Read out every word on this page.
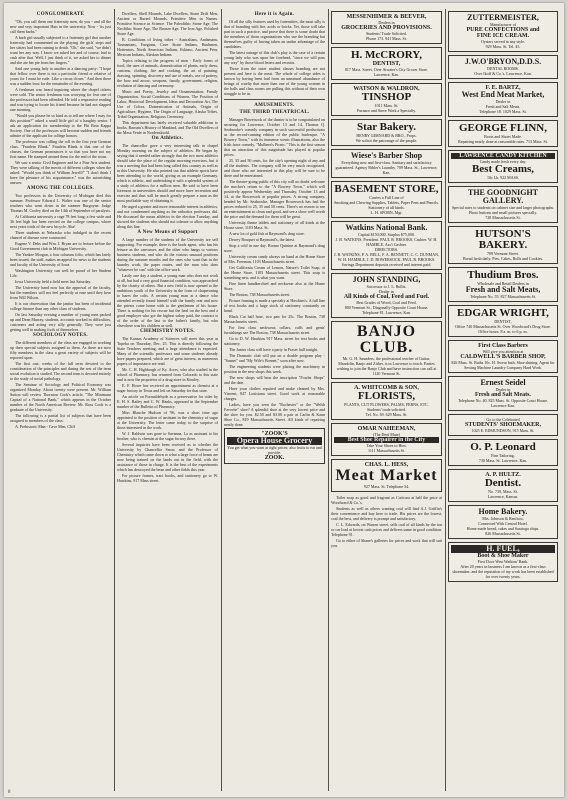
CONGLOMERATE

"Oh, you call them one fraternity men, do you - and all the new and very important Hats in the university. Now - 'tis just call them barbs."

A barb girl usually subjected to a fraternity girl that another fraternity had commented on the playing the girls' steps and her sisters had been ruining to death. "Oh," she said, "we didn't want her any way. I know we asked her and of course, had to cash after that. Well, I just think of it, we asked her to dinner and she ate her pie from her fingers."

Said one young lady to another at a dancing party: "I hope that fellow over there is not a particular friend or relative of yours for I must be rude. Like a circus clown." And then there was a sudden frost for the remainder of the evening.

A freshman was heard inquiring where the chapel tickets were sold. The senior freshman was worrying for fear one of the professors had been offended. He told a responsive reading and was trying to locate his friend because he had not slapped one morning.

"Would you please be so kind as to tell me where I may for this position?" asked a small little girl of a haughty senior. I ask an application for membership to the Phi Beta Kappa Society. One of the professors will become sudden and friends admire of the applicant for college honors.

The professor was calling the roll in the first year German class. "Fraulein Blank." Fraulein Blank is that one of the classes, the German pronounces it so that you have not my first name. He stamped around them for the end of the room.

We saw a senior Civil Engineer and he a Fine Arts student. They were talking of the merits of different colleges when the asked: "Would you think of William Jewell?" "I don't think I have the pleasure of his acquaintance," was the astonishing answer.

AMONG THE COLLEGES.

Two professors in the University of Michigan died this summer. Professor Edward L. Walter was one of the senior teachers who went down in the steamer Burgoyne. Judge Thomas M. Cooley died on the 14th of September of paralysis.

At California university a cage 78 feet long, a few wide and 36 feet high has been erected on the college campus, where next years trials of the new bicycle. Aha!

Three students at Nebraska who indulged in the recent chancel of disease were contracted.

Eugene V. Debs and Wm. J. Bryan are to lecture before the Good Government club in Michigan University.

The Yankee Morgan, a four columns folio, which has lately been issued, the staff, makes an appeal for news to the students and faculty of the University of Iowa.

Washington University can well be proud of her Student Life.

Iowa University held a field meet last Saturday.

The University band now has the approval of the faculty, but the members will not feel perfectly at ease until they hear from Will Wilson.

It is our observation that the janitor has been of incidental college finance than any other class of students.

On last Saturday evening a number of young men packed up and Dean Murray, students, accounts worked in difficulties, customers and acting very silly generally. They were just getting well in making fools of themselves.

SOCIOLOGY NOTES.

The different members of the class are engaged in working up their special subjects assigned to them. As there are now fifty members in the class a great variety of subjects will be reported upon.

The first one, weeks of the fall term devoted to the consideration of the principles and during the rest of the term social evolution is studied. The second term is devoted entirely to the study of social pathology.

The Seminar of Sociology and Political Economy was organized Monday. About twenty were present. Mr. William Sutton will review Thornton Cook's article, "The Minimum Capital of a National Bank," which appears in the October number of the North American Review. Mr. Ross Cook is a graduate of the University.

The following is a partial list of subjects that have been assigned to members of the class:

A. Prehistoric Man - Cave Men, Cliff

Dwellers, Shell Mounds, Lake Dwellers, Stone Drift Men, Ancient or Buried Mounds. Primitive Men in Names. Primitive Science in Science. The Paleolithic Stone Age, The Neolithic Stone Age, The Bronze Age, The Iron Age, Polished Stone Age.

B. Conditions of living tribes - Australians, Andamans, Tasmanians, Fuegians, Cave Stone Indians, Bushmen, Hottentots, North American Indians, Eskimo, Ancient Peru, Mexican Indians, Alaskan Indians.

Topics relating to the progress of man - Early forms of food, the uses of animals, domestication of plants, early dress, customs, clothing, fire and cooking, the art of painting, drawing, spinning, discovery and use of metals, use of pottery, the bow and arrow, weapons, family, government, religion, evolution of dancing and ceremony.

Music and Poetry, Jewelry and Ornamentation, Family Organization, Social Conditions of Women, The Position of Labor, Historical Development, Ideas and Decoration Art, The Use of Colors, Domestication of Animals, Origin of Agriculture, Hygiene, The Origin of Language, Alaska Tribes, Tribal Organization, Religious Ceremony.

This department has lately received valuable additions to books. Raroatu's History of Mankind, and The Old Dwellers of the Mesa Verde in Nordenskiold.

On Athletics.

The chancellor gave a very interesting talk in chapel Monday morning on the subject of athletics. He began by saying that it needed rather strongly that the two most athletics should take the place of the regular morning exercises, but it was a meeting that had been long called this country as well as in this University. He also pointed out that athletic sports have been attending to the world, giving as an example Germany, which is athletic, and undertaking it with a splendid system of a study of athletics for a million men. He said to have been foremost in universities should and more have recreation and exercise and thus will be much greatly prepare a man as the most profitable way of obtaining it.

He urged a greater and more reasonable interest in athletics, and not condemned anything as the orthodox professors did. He discussed the mean athletics in the election Tuesday, and showed the students who should not tolerate or allow anything along this line.

A New Means of Support

A large number of the students of the University are self supporting. For example, there is the book agent, who has his leisure as the canvasser, and the other who hangs to various business students, and who do the various unusual positions during the summer months and the ones who want that in the laundry work, the paper routes, and the man who does "whatever he can" with the office work.

Lastly one day a student, a young man who does not work at all, but had a very good financial condition, was approached by the charity of others. But a new field is now opened to the ambitious youth of the University in the form of chaperoning to hares the colts. A certain young man at a dance who attended recently found himself with the family rear and now the priests come home with to the gentlemen of his house. There is nothing for his rescue but the heal on the best and a good employer who got the highest salary paid, the contract is of the order of the last to the father's family, but who elsewhere was his children as well.

CHEMISTRY NOTES.

The Kansas Academy of Sciences will meet this year at Topeka on Thursday, Dec. 25. This is directly following the State Teachers meeting, and a large attendance is expected. Many of the scientific professors and some students already have papers prepared, which are of great interest, as numerous papers of importance are read.

Mr. C. H. Highborgh of Ky. Acres, who also studied in the school of Pharmacy, has returned from Colorado to this state and is now the proprietor of a drug store in Kinsley.

E. F. Howe has received an appointment as chemist at a sugar factory in Texas and left on Saturday for that state.

An article on Formaldehyde as a preservative for cider by E. H. S. Bailey and C. W. Hanks, appeared in the September number of the Bulletin of Pharmacy.

Miss Blanche Hudson of '96, was a short time ago appointed to the position of assistant in the chemistry of sugar at the University. The letter came today, to the surprise of those interested in the work.

W. J. Baldwin was gone to Savanna, La as assistant to his brother, who is chemist at the sugar factory there.

Several inquiries have been received as to whether the University by Chancellor Snow, and the Professor of Chemistry which came down to what a large force of beans are now being trained on the lands out in the field, with the assistance of those in charge. It is the best of the experiments which has destroyed the bean and other fields this year.

For picture frames, tract books, and stationery go to W. Hawkins, 917 Mass street.

Here it is Again.

Of all the silly features used by fraternities, the most silly is that of branding with fire, acids or bricks. Yet, those will take part in such a practice, and prove that there is some doubt that the members of those organizations who use the branding but themselves guilty of having taken an undue advantage of the candidates.

The latest outrage of this club's play is the case of a certain young lady who was upon her forehead, "since we will pass any way" by those blood letters and recruits.

Those from the outer student classes branding are not present and here is the meat. The whole of college sides is known by having been laid from an unnatural abundance of beings of cruelty that more than one of the young women in the halls and class rooms are pulling this without of their own struggle to be in.

AMUSEMENTS.
THE THIRD THEATRICAL.

Manager Bowersock of the theater is to be congratulated on securing for Lawrence, October 13 and 14, Thomas Q. Seabrooke's comedy company in such successful productions as the record-running edition of the public burlesque, "A Bowery Town," with its immense scenic illustrations, also the Irish farce comedy, "Mulhern's Picnic." This is the first season that an attraction of this magnitude has played at popular prices.

25, 35 and 50 cents, for the city's opening night of any and all the students. The company will be very much recognized, and those who are interested in this play will be sure to be there and be entertained.

The theatre-going public of this city will no doubt welcome the mocker's return to the "A Bowery Town," which will positively appear Wednesday and Thursday, October 13 and 14, at the Bowersock at popular prices. A strong company, headed by Mr. Seabrooke, Manager Bowersock has had the prices reduced to 25, 35 and 50 cents. There's no reason to see an entertainment so clean and good, and see a show well worth the price and the demand for them will be great.

University theme tablets and stationery of all kinds at the House store, 1103 Mass. St.

A new lot of gold fish at Raymond's drug store.

Dewey Bouquet at Raymond's, the latest.

Stop a cold in one day. Bromo Quinine at Raymond's drug store.

University cream candy always on hand at the Home Store of Mrs. Freeman, 1103 Massachusetts street.

Get California Cream of Lemon, Nature's Toilet Soap, at the Home Store, 1103 Massachusetts street. This soap is something new, and is what you want.

Fine linen handkerchief and neckwear also at the Home Store.

The Boston, 738 Massachusetts street.

Picture framing is made a specialty at Hawkins's. A full line of text books and a large stock of stationery constantly on hand.

Black Cat half hose, two pair for 25c. The Boston, 738 Massachusetts street.

For first class neckwear, collars, cuffs and gents' furnishings see The Boston, 738 Massachusetts street.

Go to D. W. Hawkins 917 Mass. street for text books and stationery.

The Junior class will have a party in Fraser hall tonight.

The Dramatic club will put on a double program play - "Sunset" and "My Wife's Bonnet," soon after now.

The engineering students were placing the machinery in position in the new shops this week.

The new shops will bear the inscription "Fowler Shops" and the date.

Have your clothes repaired and make cleaned by Mrs. Vincent, 847 Louisiana street. Good work at reasonable charges.

Ladies, have you seen the "Rochester" or the "Welsh Favorite" shoe? A splendid shoe at the very lowest price and the shoe for you. $2.50 and $3.00 a pair at Carlin & Kaun Shoe Co., 819 Massachusetts Street. All kinds of repairing neatly done.

"ZOOK'S
Opera House Grocery
You get what you want at right prices; also fruits to eat and provide.
ZOOK.
MESSENHIMER & BEEVER,
Dealers in
GROCERIES AND PROVISIONS.
Students' Trade Solicited.
Phone 173. 941 Mass. St.
H. McCRORY,
DENTIST,
817 Mass. Street, Over Atwater's City Grocer Store.
Lawrence, Kan.
WATSON & WALDRON,
TINSHOP
1011 Mass. St.
Furnace and Stove Work a Specialty.
Star Bakery.
HENRY GERNARD & BRO., Props.
We solicit the patronage of the people.
Wiese's Barber Shop
Everything new and first-class. Sanitary and satisfactory guaranteed. Agency Bibler's Laundry. 709 Mass. St., Lawrence, Kan.
BASEMENT STORE,
Carries a Full Line of
Smoking and Chewing Supplies, Tablets, Paper Pens and Pencils. Stationery of all kinds.
L. H. SPORN, Mgr.
Watkins National Bank.
Capital $150,000. Surplus $75,000.
J. B. WATKINS, President. PAUL R. BROOKS, Cashier. W. H. HAMBLE, Ass't Cashier.
DIRECTORS.
J. B. WATKINS, P. A. BELL, F. A. BENNETT, C. C. DUNMAN, W. H. HAMBLE, J. D. BOWERSOCK, PAUL R. BROOKS.
Savings Department deposits received and interest paid.
JOHN STANDING,
Successor to J. L. Bullis.
Dealer in
All Kinds of Coal, Feed and Fuel.
Best Grades of Wood, Coal and Feed.
800 Vermont St., Diagonally Opposite Court House.
Telephone 81. Lawrence, Kan.
BANJO CLUB.
Mr. G. H. Saunders, the professional teacher of Guitar, Mandolin, Banjo and Zither, is in Lawrence to teach. Parties wishing to join the Banjo Club and have instruction can call at 1120 Vermont St.
A. WHITCOMB & SON,
FLORISTS,
PLANTS, CUT FLOWERS, PALMS, FERNS, ETC.
Students' trade solicited.
Tel. No. 69. 629 Mass. St.
OMAR NAHEEMAN,
(The Deaf Mute)
Best Shoe Repairer in the City
Take Your Shoes to Him.
1111 Massachusetts St.
CHAS. L. HESS,
Meat Market
927 Mass. St. Telephone 54.

Toilet soap as good and fragrant as Cuticura at half the price at Woodward & Co.'s.

Students as well as others wanting coal will find A.J. Griffin's their convenience and buy here to trade. His prices are the lowest, coal the best, and delivery is prompt and satisfactory.

C. L. Edwards, on Warren street, sells coal of all kinds by the ton or car load at lowest cash prices and delivers same in good condition. Telephone 91.

Go to either of Shane's galleries for prices and work that will suit you.

ZUTTERMEISTER,
Manufacturer of
PURE CONFECTIONS and
FINE ICE CREAM.
Oysters served in any style.
929 Mass. St. Tel. 45.
J.W.O'BRYON,D.D.S.
DENTAL ROOMS.
Over Ikoff & Co.'s. Lawrence, Kan.
F. E. BARTZ,
West End Meat Market,
Dealer in
Fresh and Salt Meats.
Telephone 18. 1029 Mass. St.
GEORGE FLINN,
Boots and Shoes Made.
Repairing neatly done at reasonable rates. 713 Mass. St.
LAWRENCE CANDY KITCHEN
Candy made fresh every day.
Best Creams,
10c Lb. 922 MASS.
THE GOODNIGHT GALLERY.
Special rates to students on cabinet size and larger photographs. Photo buttons and small pictures specially.
728 Massachusetts St.
HUTSON'S BAKERY.
709 Vermont Street.
Bread fresh daily. Pies, Cakes, Rolls and Cookies.
Thudium Bros.
Wholesale and Retail Dealers in
Fresh and Salt Meats,
Telephone No. 55. 827 Massachusetts St.
EDGAR WRIGHT,
DENTIST,
Office 740 Massachusetts St. Over Woodward's Drug Store.
Office hours: 8 a. m. to 6 p. m.
First Class Barbers
Will give you attention at
CALDWELL'S BARBER SHOP,
826 Mass. St. Baths 10c. H. Sweat bath. Shoe shining. Agent for Sewing Machine Laundry Company Hard Work.
Ernest Seidel
Dealer in
Fresh and Salt Meats.
Telephone No. 40. 825 Mass. St. Opposite Court House. Lawrence Kan.
Go to the Celebrated
STUDENTS' SHOEMAKER,
1025 E. EDMUNDSON, 915 Mass. St.
O. P. Leonard
Fine Tailoring.
730 Mass. St. Lawrence, Kan.
A. P. HULTZ.
Dentist.
No. 739, Mass. St.
Lawrence, Kansas.
Home Bakery.
Mrs. Johnson & Renfrow,
Connected With Central Hotel.
Home made bread, cakes and Saratoga chips.
826 Massachusetts St.
H. FUEL,
Boot & Shoe Maker
First Door West Watkins' Bank.
After 20 years in business I am known as a first-class shoemaker, and the reputation of my work has been established for over twenty years.
8
